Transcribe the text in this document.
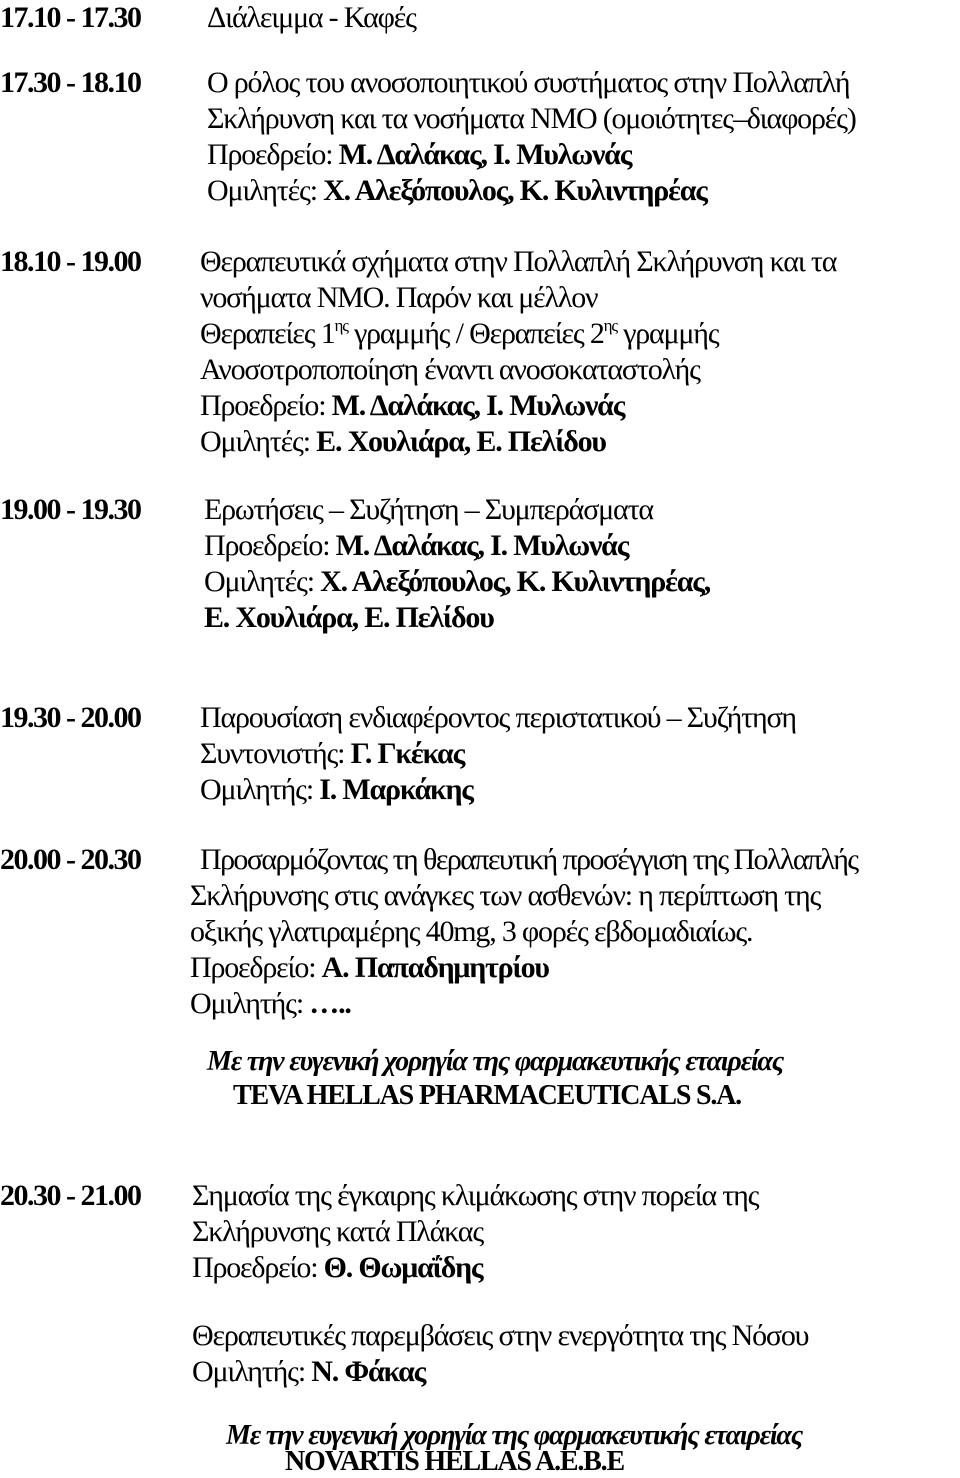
17.10 - 17.30 Διάλειμμα - Καφές
17.30 - 18.10 Ο ρόλος του ανοσοποιητικού συστήματος στην Πολλαπλή
Σκλήρυνση και τα νοσήματα ΝΜΟ (ομοιότητες–διαφορές)
Προεδρείο: Μ. Δαλάκας, Ι. Μυλωνάς
Ομιλητές: Χ. Αλεξόπουλος, Κ. Κυλιντηρέας
18.10 - 19.00 Θεραπευτικά σχήματα στην Πολλαπλή Σκλήρυνση και τα
νοσήματα ΝΜΟ. Παρόν και μέλλον
Θεραπείες $1^{\eta\varsigma}$ γραμμής / Θεραπείες $2^{\eta\varsigma}$ γραμμής
Ανοσοτροποποίηση έναντι ανοσοκαταστολής
Προεδρείο: Μ. Δαλάκας, Ι. Μυλωνάς
Ομιλητές: Ε. Χουλιάρα, Ε. Πελίδου
19.00 - 19.30 Ερωτήσεις – Συζήτηση – Συμπεράσματα
Προεδρείο: Μ. Δαλάκας, Ι. Μυλωνάς
Ομιλητές: Χ. Αλεξόπουλος, Κ. Κυλιντηρέας,
Ε. Χουλιάρα, Ε. Πελίδου
19.30 - 20.00 Παρουσίαση ενδιαφέροντος περιστατικού – Συζήτηση
Συντονιστής: Γ. Γκέκας
Ομιλητής: Ι. Μαρκάκης
20.00 - 20.30 Προσαρμόζοντας τη θεραπευτική προσέγγιση της Πολλαπλής
Σκλήρυνσης στις ανάγκες των ασθενών: η περίπτωση της
οξικής γλατιραμέρης 40mg, 3 φορές εβδομαδιαίως.
Προεδρείο: Α. Παπαδημητρίου
Ομιλητής: …..
Με την ευγενική χορηγία της φαρμακευτικής εταιρείας
TEVA HELLAS PHARMACEUTICALS S.A.
20.30 - 21.00 Σημασία της έγκαιρης κλιμάκωσης στην πορεία της
Σκλήρυνσης κατά Πλάκας
Προεδρείο: Θ. Θωμαΐδης
Θεραπευτικές παρεμβάσεις στην ενεργότητα της Νόσου
Ομιλητής: Ν. Φάκας
Με την ευγενική χορηγία της φαρμακευτικής εταιρείας
NOVARTIS HELLAS A.E.B.E
